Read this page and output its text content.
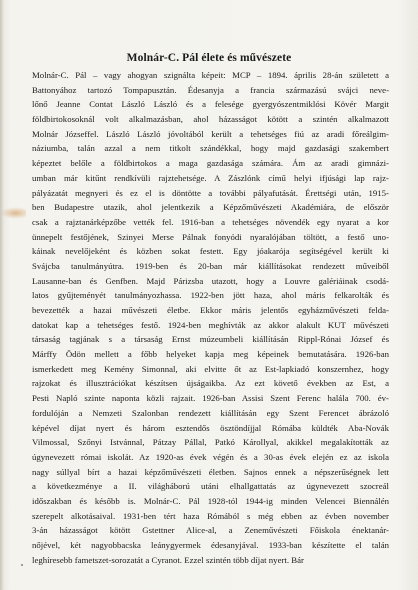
Molnár-C. Pál élete és művészete
Molnár-C. Pál – vagy ahogyan szignálta képeit: MCP – 1894. április 28-án született a
Battonyához tartozó Tompapusztán. Édesanyja a francia származású svájci neve-
lőnő Jeanne Contat László László és a felesége gyergyószentmiklósi Kövér Margit
földbirtokosoknál volt alkalmazásban, ahol házasságot kötött a szintén alkalmazott
Molnár Józseffel. László László jóvoltából került a tehetséges fiú az aradi főreálgim-
náziumba, talán azzal a nem titkolt szándékkal, hogy majd gazdasági szakembert
képeztet belőle a földbirtokos a maga gazdasága számára. Ám az aradi gimnázi-
umban már kitűnt rendkívüli rajztehetsége. A Zászlónk című helyi ifjúsági lap rajz-
pályázatát megnyeri és ez el is döntötte a további pályafutását. Érettségi után, 1915-
ben Budapestre utazik, ahol jelentkezik a Képzőművészeti Akadémiára, de először
csak a rajztanárképzőbe vették fel. 1916-ban a tehetséges növendék egy nyarat a kor
ünnepelt festőjének, Szinyei Merse Pálnak fonyódi nyaralójában töltött, a festő uno-
káinak nevelőjeként és közben sokat festett. Egy jóakarója segítségével került ki
Svájcba tanulmányútra. 1919-ben és 20-ban már kiállításokat rendezett műveiből
Lausanne-ban és Genfben. Majd Párizsba utazott, hogy a Louvre galériáinak csodá-
latos gyűjteményét tanulmányozhassa. 1922-ben jött haza, ahol máris felkarolták és
bevezették a hazai művészeti életbe. Ekkor máris jelentős egyházművészeti felda-
datokat kap a tehetséges festő. 1924-ben meghívták az akkor alakult KUT művészeti
társaság tagjának s a társaság Ernst múzeumbeli kiállításán Rippl-Rónai József és
Márffy Ödön mellett a főbb helyeket kapja meg képeinek bemutatására. 1926-ban
ismerkedett meg Kemény Simonnal, aki elvitte őt az Est-lapkiadó konszernhez, hogy
rajzokat és illusztrációkat készítsen újságaikba. Az ezt követő években az Est, a
Pesti Napló szinte naponta közli rajzait. 1926-ban Assisi Szent Ferenc halála 700. év-
fordulóján a Nemzeti Szalonban rendezett kiállításán egy Szent Ferencet ábrázoló
képével díjat nyert és három esztendős ösztöndíjjal Rómába küldték Aba-Novák
Vilmossal, Szőnyi Istvánnal, Pátzay Pállal, Patkó Károllyal, akikkel megalakították az
úgynevezett római iskolát. Az 1920-as évek végén és a 30-as évek elején ez az iskola
nagy súllyal bírt a hazai képzőművészeti életben. Sajnos ennek a népszerűségnek lett
a következménye a II. világháború utáni elhallgattatás az úgynevezett szocreál
időszakban és később is. Molnár-C. Pál 1928-tól 1944-ig minden Velencei Biennálén
szerepelt alkotásaival. 1931-ben tért haza Rómából s még ebben az évben november
3-án házasságot kötött Gstettner Alice-al, a Zeneművészeti Főiskola énektanár-
nőjével, két nagyobbacska leánygyermek édesanyjával. 1933-ban készítette el talán
leghíresebb fametszet-sorozatát a Cyranot. Ezzel szintén több díjat nyert. Bár
